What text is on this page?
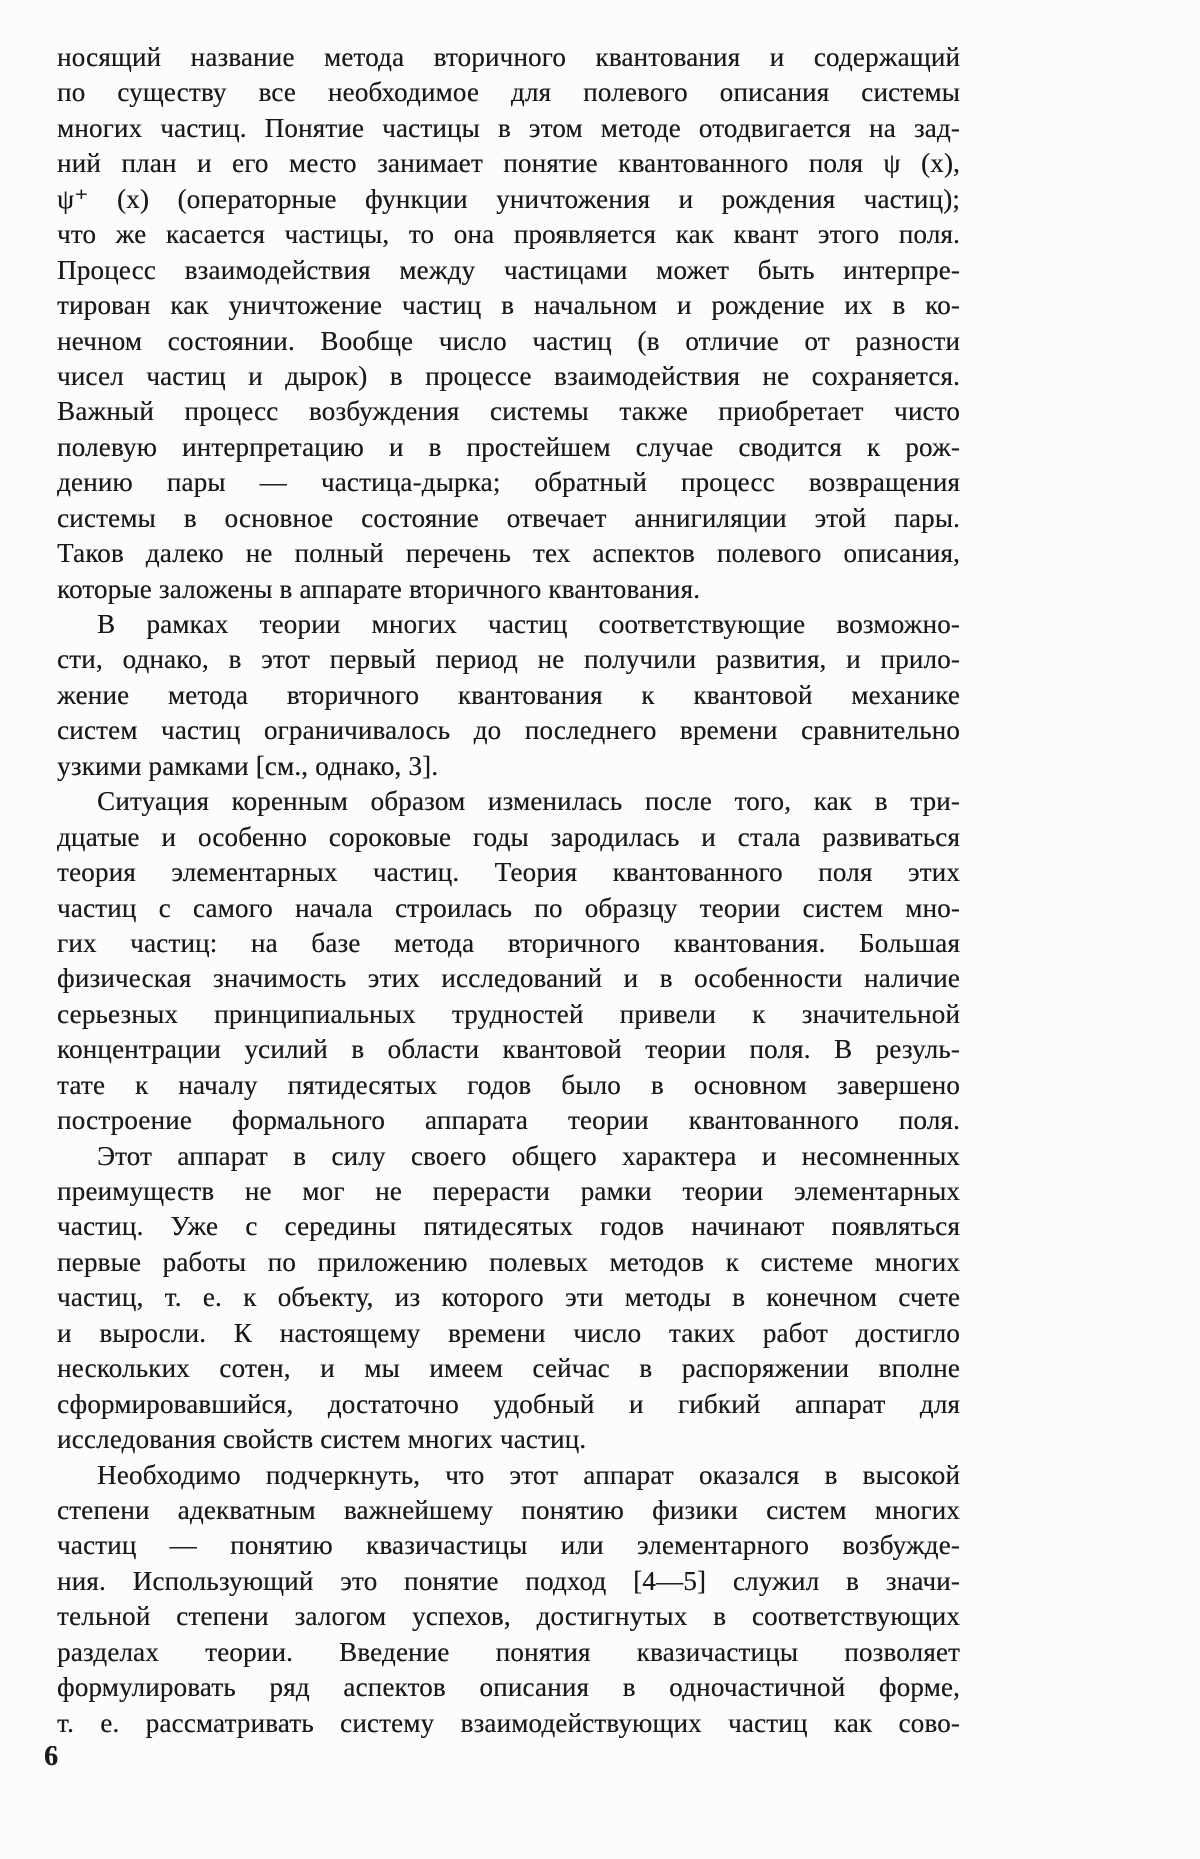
носящий название метода вторичного квантования и содержащий
по существу все необходимое для полевого описания системы
многих частиц. Понятие частицы в этом методе отодвигается на зад-
ний план и его место занимает понятие квантованного поля ψ (x),
ψ⁺ (x) (операторные функции уничтожения и рождения частиц);
что же касается частицы, то она проявляется как квант этого поля.
Процесс взаимодействия между частицами может быть интерпре-
тирован как уничтожение частиц в начальном и рождение их в ко-
нечном состоянии. Вообще число частиц (в отличие от разности
чисел частиц и дырок) в процессе взаимодействия не сохраняется.
Важный процесс возбуждения системы также приобретает чисто
полевую интерпретацию и в простейшем случае сводится к рож-
дению пары — частица-дырка; обратный процесс возвращения
системы в основное состояние отвечает аннигиляции этой пары.
Таков далеко не полный перечень тех аспектов полевого описания,
которые заложены в аппарате вторичного квантования.
В рамках теории многих частиц соответствующие возможно-
сти, однако, в этот первый период не получили развития, и прило-
жение метода вторичного квантования к квантовой механике
систем частиц ограничивалось до последнего времени сравнительно
узкими рамками [см., однако, 3].
Ситуация коренным образом изменилась после того, как в три-
дцатые и особенно сороковые годы зародилась и стала развиваться
теория элементарных частиц. Теория квантованного поля этих
частиц с самого начала строилась по образцу теории систем мно-
гих частиц: на базе метода вторичного квантования. Большая
физическая значимость этих исследований и в особенности наличие
серьезных принципиальных трудностей привели к значительной
концентрации усилий в области квантовой теории поля. В резуль-
тате к началу пятидесятых годов было в основном завершено
построение формального аппарата теории квантованного поля.
Этот аппарат в силу своего общего характера и несомненных
преимуществ не мог не перерасти рамки теории элементарных
частиц. Уже с середины пятидесятых годов начинают появляться
первые работы по приложению полевых методов к системе многих
частиц, т. е. к объекту, из которого эти методы в конечном счете
и выросли. К настоящему времени число таких работ достигло
нескольких сотен, и мы имеем сейчас в распоряжении вполне
сформировавшийся, достаточно удобный и гибкий аппарат для
исследования свойств систем многих частиц.
Необходимо подчеркнуть, что этот аппарат оказался в высокой
степени адекватным важнейшему понятию физики систем многих
частиц — понятию квазичастицы или элементарного возбужде-
ния. Использующий это понятие подход [4—5] служил в значи-
тельной степени залогом успехов, достигнутых в соответствующих
разделах теории. Введение понятия квазичастицы позволяет
формулировать ряд аспектов описания в одночастичной форме,
т. е. рассматривать систему взаимодействующих частиц как сово-
6
